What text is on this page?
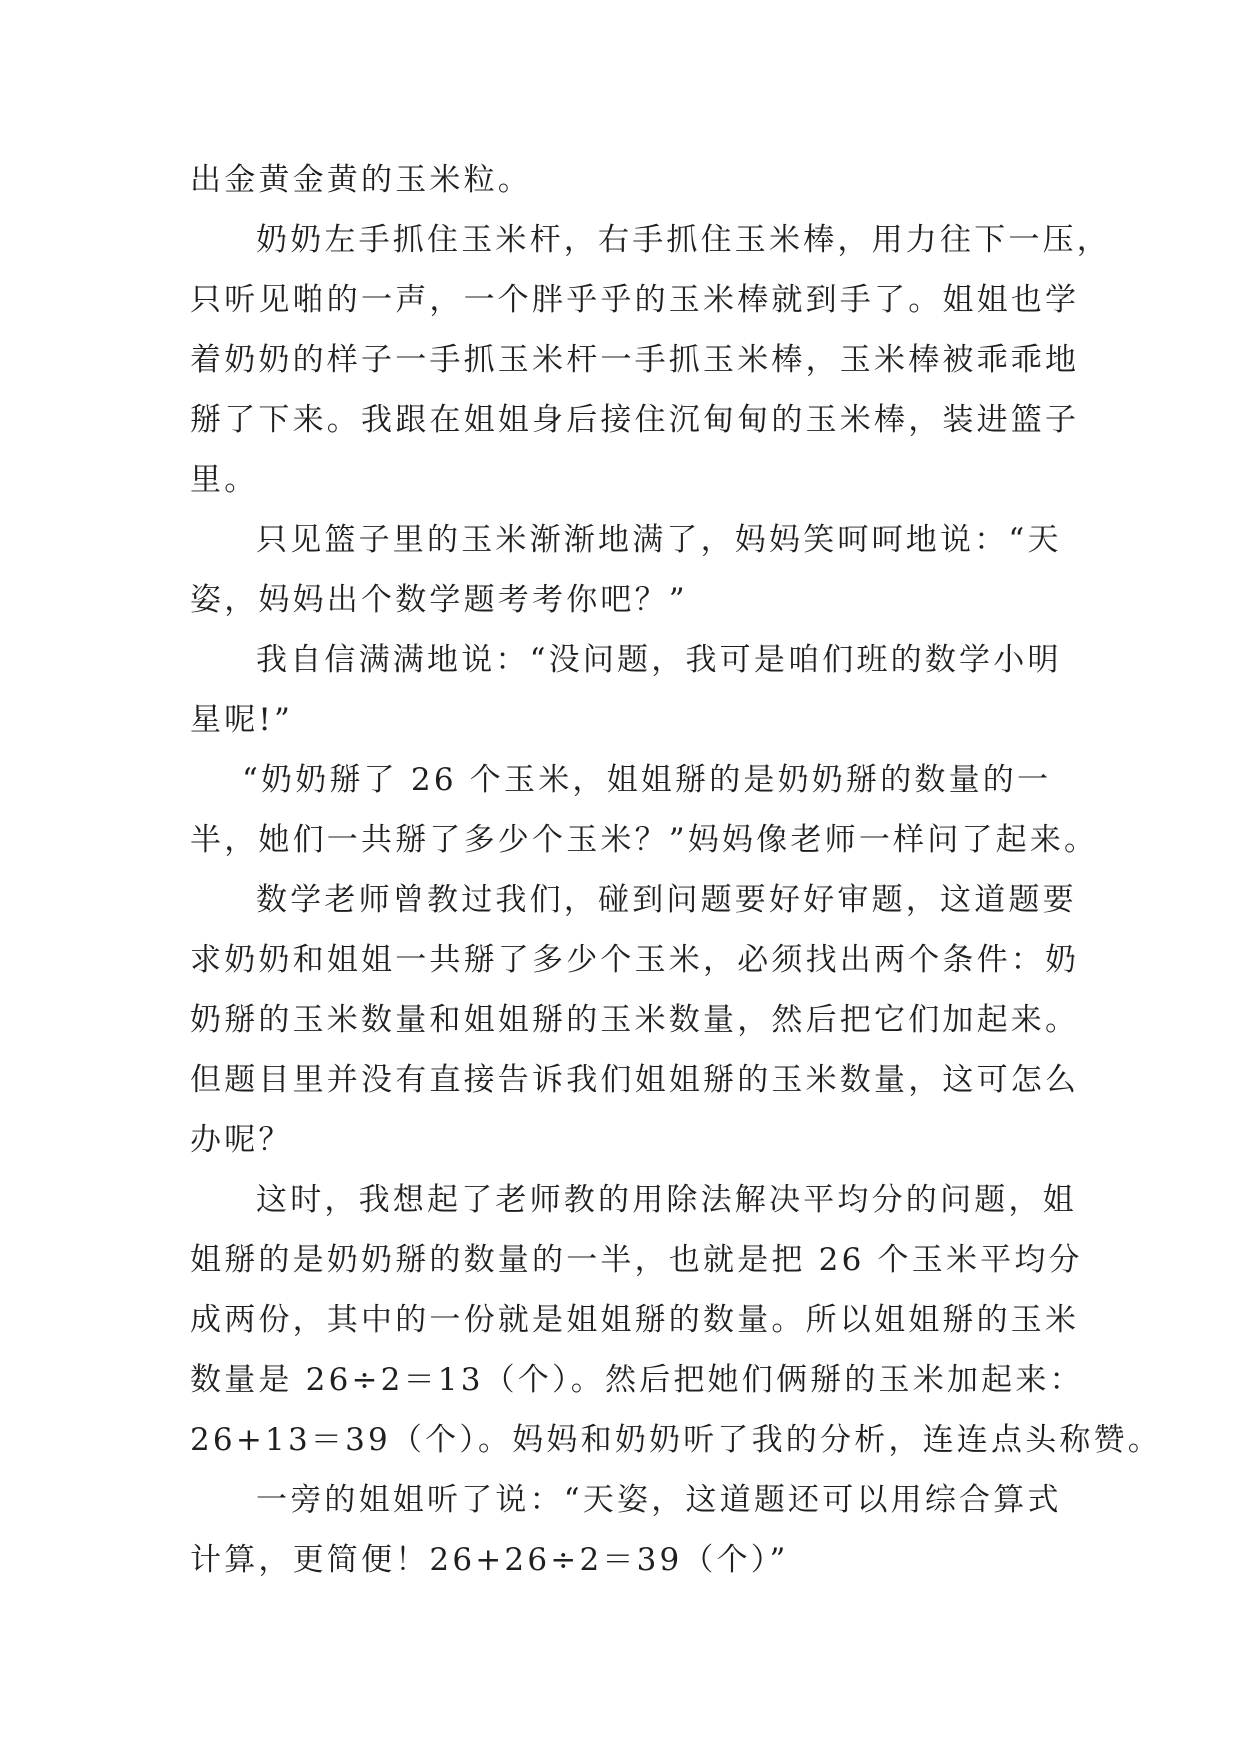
出金黄金黄的玉米粒。
奶奶左手抓住玉米杆，右手抓住玉米棒，用力往下一压，
只听见啪的一声，一个胖乎乎的玉米棒就到手了。姐姐也学
着奶奶的样子一手抓玉米杆一手抓玉米棒，玉米棒被乖乖地
掰了下来。我跟在姐姐身后接住沉甸甸的玉米棒，装进篮子
里。
只见篮子里的玉米渐渐地满了，妈妈笑呵呵地说：“天
姿，妈妈出个数学题考考你吧？”
我自信满满地说：“没问题，我可是咱们班的数学小明
星呢!”
“奶奶掰了 26 个玉米，姐姐掰的是奶奶掰的数量的一
半，她们一共掰了多少个玉米？”妈妈像老师一样问了起来。
数学老师曾教过我们，碰到问题要好好审题，这道题要
求奶奶和姐姐一共掰了多少个玉米，必须找出两个条件：奶
奶掰的玉米数量和姐姐掰的玉米数量，然后把它们加起来。
但题目里并没有直接告诉我们姐姐掰的玉米数量，这可怎么
办呢？
这时，我想起了老师教的用除法解决平均分的问题，姐
姐掰的是奶奶掰的数量的一半，也就是把 26 个玉米平均分
成两份，其中的一份就是姐姐掰的数量。所以姐姐掰的玉米
数量是 26÷2＝13（个）。然后把她们俩掰的玉米加起来：
26+13＝39（个）。妈妈和奶奶听了我的分析，连连点头称赞。
一旁的姐姐听了说：“天姿，这道题还可以用综合算式
计算，更简便！26+26÷2＝39（个）”
